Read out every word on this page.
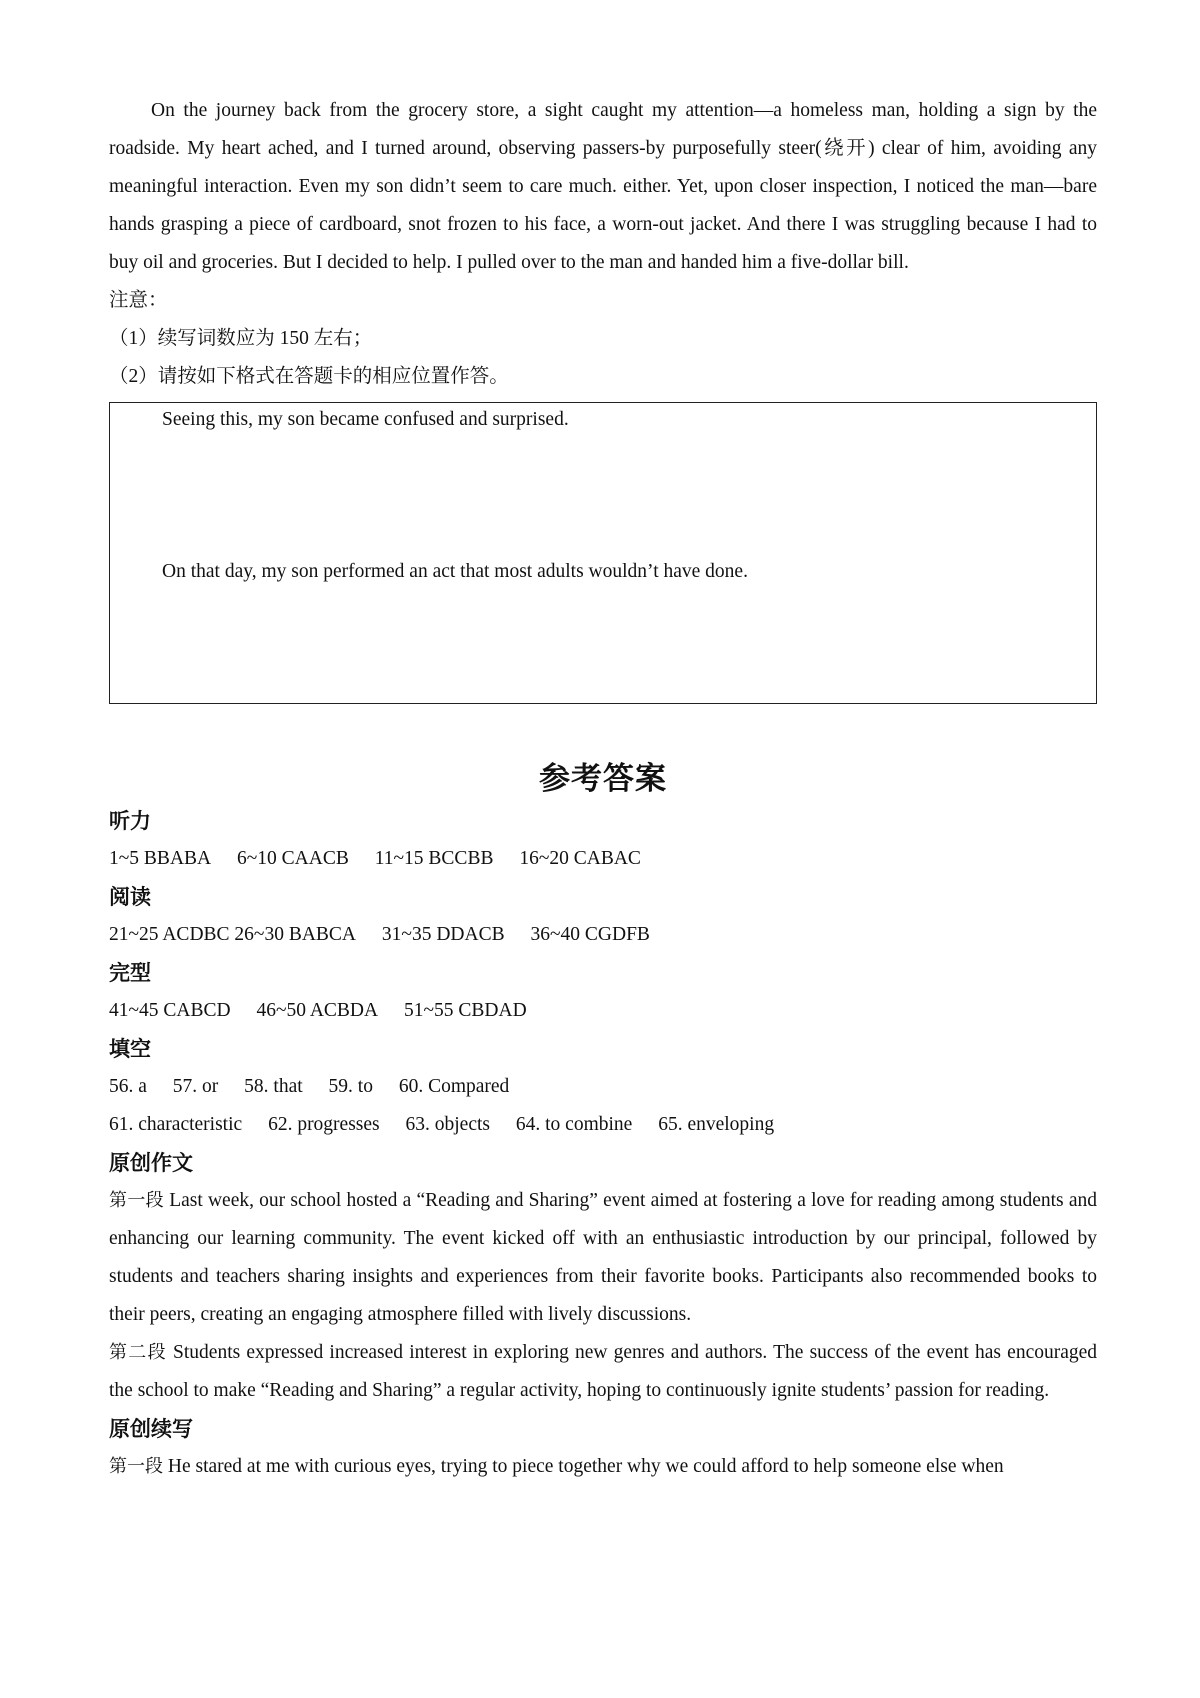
On the journey back from the grocery store, a sight caught my attention—a homeless man, holding a sign by the roadside. My heart ached, and I turned around, observing passers-by purposefully steer(绕开) clear of him, avoiding any meaningful interaction. Even my son didn’t seem to care much. either. Yet, upon closer inspection, I noticed the man—bare hands grasping a piece of cardboard, snot frozen to his face, a worn-out jacket. And there I was struggling because I had to buy oil and groceries. But I decided to help. I pulled over to the man and handed him a five-dollar bill.

注意：

（1）续写词数应为 150 左右；

（2）请按如下格式在答题卡的相应位置作答。

Seeing this, my son became confused and surprised.
On that day, my son performed an act that most adults wouldn’t have done.
参考答案

听力

1~5 BBABA 6~10 CAACB 11~15 BCCBB 16~20 CABAC

阅读

21~25 ACDBC 26~30 BABCA 31~35 DDACB 36~40 CGDFB

完型

41~45 CABCD 46~50 ACBDA 51~55 CBDAD

填空

56. a 57. or 58. that 59. to 60. Compared

61. characteristic 62. progresses 63. objects 64. to combine 65. enveloping

原创作文

第一段 Last week, our school hosted a “Reading and Sharing” event aimed at fostering a love for reading among students and enhancing our learning community. The event kicked off with an enthusiastic introduction by our principal, followed by students and teachers sharing insights and experiences from their favorite books. Participants also recommended books to their peers, creating an engaging atmosphere filled with lively discussions.

第二段 Students expressed increased interest in exploring new genres and authors. The success of the event has encouraged the school to make “Reading and Sharing” a regular activity, hoping to continuously ignite students’ passion for reading.

原创续写

第一段 He stared at me with curious eyes, trying to piece together why we could afford to help someone else when
